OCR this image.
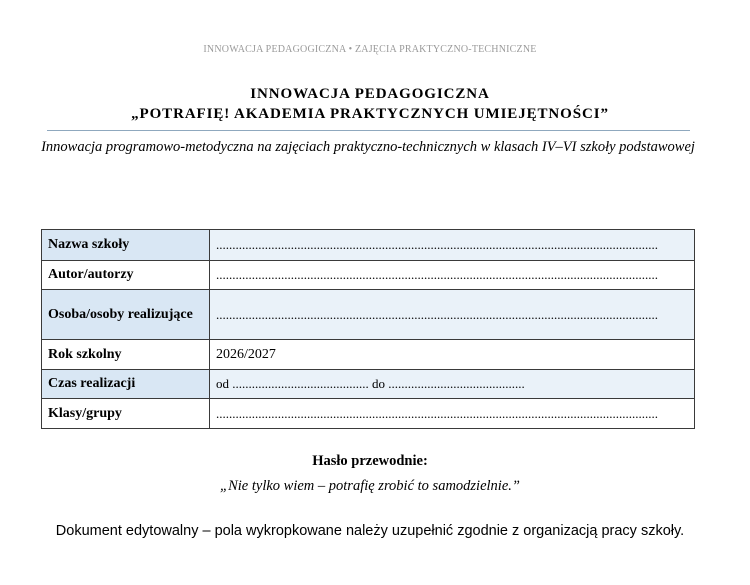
INNOWACJA PEDAGOGICZNA • ZAJĘCIA PRAKTYCZNO-TECHNICZNE
INNOWACJA PEDAGOGICZNA
„POTRAFIĘ! AKADEMIA PRAKTYCZNYCH UMIEJĘTNOŚCI”
Innowacja programowo-metodyczna na zajęciach praktyczno-technicznych w klasach IV–VI szkoły podstawowej
Nazwa szkoły	........................................................................................................................................

Autor/autorzy	........................................................................................................................................

Osoba/osoby realizujące	........................................................................................................................................

Rok szkolny	2026/2027
Czas realizacji	od .......................................... do ..........................................

Klasy/grupy	........................................................................................................................................
Hasło przewodnie:
„Nie tylko wiem – potrafię zrobić to samodzielnie.”
Dokument edytowalny – pola wykropkowane należy uzupełnić zgodnie z organizacją pracy szkoły.
